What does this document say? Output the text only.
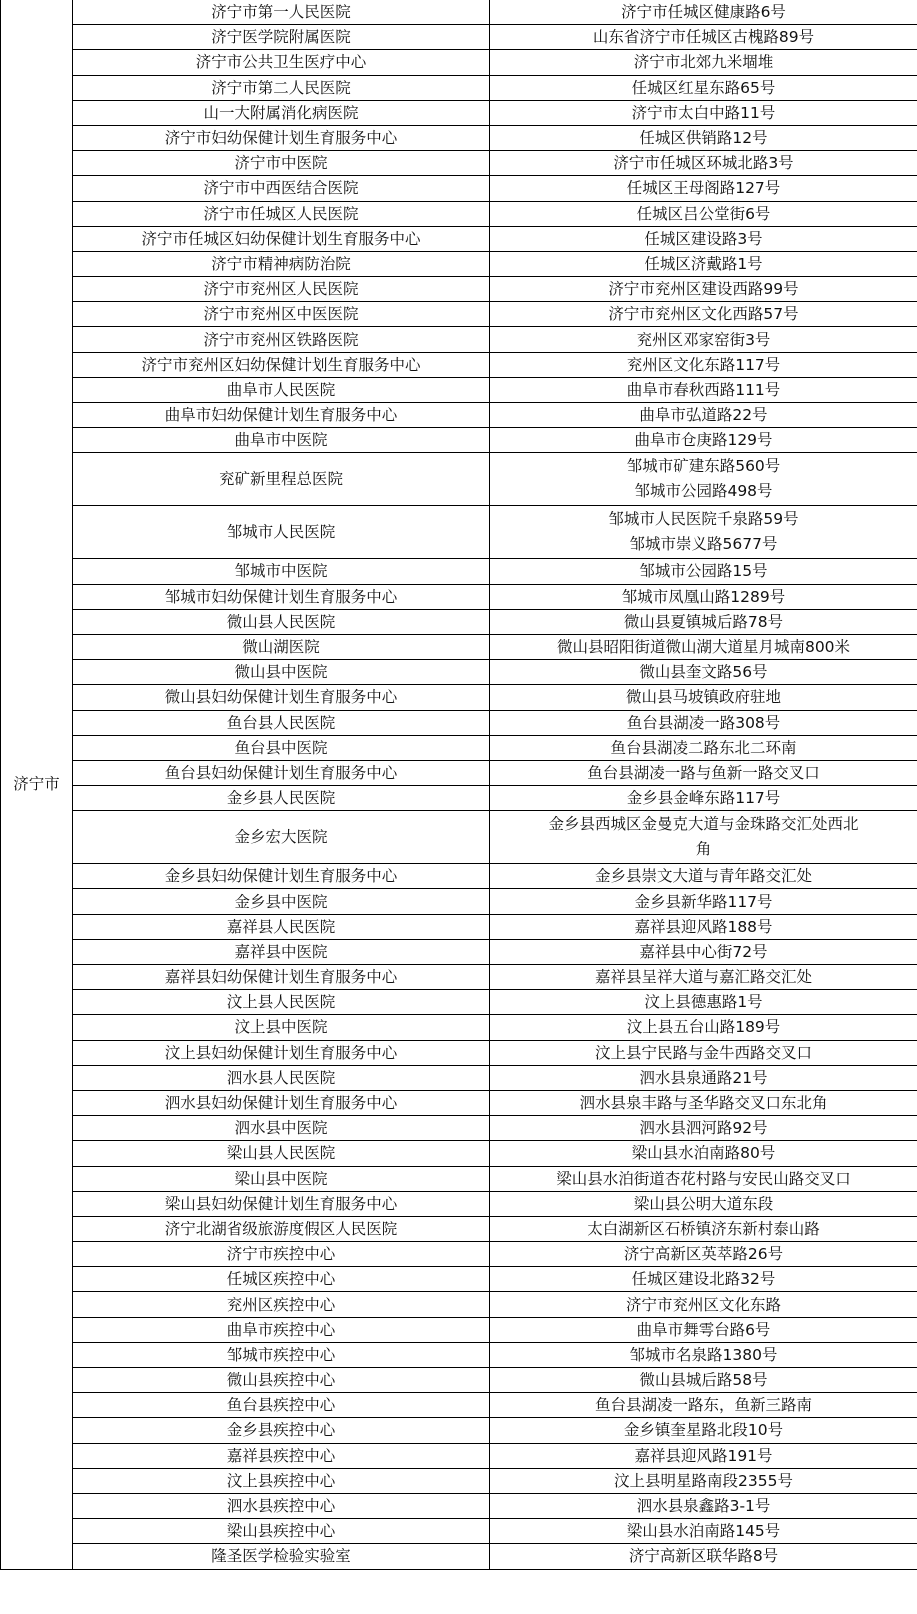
济宁市	济宁市第一人民医院	济宁市任城区健康路6号

	济宁医学院附属医院	山东省济宁市任城区古槐路89号

	济宁市公共卫生医疗中心	济宁市北郊九米堌堆

	济宁市第二人民医院	任城区红星东路65号

	山一大附属消化病医院	济宁市太白中路11号

	济宁市妇幼保健计划生育服务中心	任城区供销路12号

	济宁市中医院	济宁市任城区环城北路3号

	济宁市中西医结合医院	任城区王母阁路127号

	济宁市任城区人民医院	任城区吕公堂街6号

	济宁市任城区妇幼保健计划生育服务中心	任城区建设路3号

	济宁市精神病防治院	任城区济戴路1号

	济宁市兖州区人民医院	济宁市兖州区建设西路99号

	济宁市兖州区中医医院	济宁市兖州区文化西路57号

	济宁市兖州区铁路医院	兖州区邓家窑街3号

	济宁市兖州区妇幼保健计划生育服务中心	兖州区文化东路117号

	曲阜市人民医院	曲阜市春秋西路111号

	曲阜市妇幼保健计划生育服务中心	曲阜市弘道路22号

	曲阜市中医院	曲阜市仓庚路129号

	兖矿新里程总医院	邹城市矿建东路560号
邹城市公园路498号

	邹城市人民医院	邹城市人民医院千泉路59号
邹城市崇义路5677号

	邹城市中医院	邹城市公园路15号

	邹城市妇幼保健计划生育服务中心	邹城市凤凰山路1289号

	微山县人民医院	微山县夏镇城后路78号

	微山湖医院	微山县昭阳街道微山湖大道星月城南800米

	微山县中医院	微山县奎文路56号

	微山县妇幼保健计划生育服务中心	微山县马坡镇政府驻地

	鱼台县人民医院	鱼台县湖凌一路308号

	鱼台县中医院	鱼台县湖凌二路东北二环南

	鱼台县妇幼保健计划生育服务中心	鱼台县湖凌一路与鱼新一路交叉口

	金乡县人民医院	金乡县金峰东路117号

	金乡宏大医院	金乡县西城区金曼克大道与金珠路交汇处西北
角

	金乡县妇幼保健计划生育服务中心	金乡县崇文大道与青年路交汇处

	金乡县中医院	金乡县新华路117号

	嘉祥县人民医院	嘉祥县迎风路188号

	嘉祥县中医院	嘉祥县中心街72号

	嘉祥县妇幼保健计划生育服务中心	嘉祥县呈祥大道与嘉汇路交汇处

	汶上县人民医院	汶上县德惠路1号

	汶上县中医院	汶上县五台山路189号

	汶上县妇幼保健计划生育服务中心	汶上县宁民路与金牛西路交叉口

	泗水县人民医院	泗水县泉通路21号

	泗水县妇幼保健计划生育服务中心	泗水县泉丰路与圣华路交叉口东北角

	泗水县中医院	泗水县泗河路92号

	梁山县人民医院	梁山县水泊南路80号

	梁山县中医院	梁山县水泊街道杏花村路与安民山路交叉口

	梁山县妇幼保健计划生育服务中心	梁山县公明大道东段

	济宁北湖省级旅游度假区人民医院	太白湖新区石桥镇济东新村泰山路

	济宁市疾控中心	济宁高新区英萃路26号

	任城区疾控中心	任城区建设北路32号

	兖州区疾控中心	济宁市兖州区文化东路

	曲阜市疾控中心	曲阜市舞雩台路6号

	邹城市疾控中心	邹城市名泉路1380号

	微山县疾控中心	微山县城后路58号

	鱼台县疾控中心	鱼台县湖凌一路东，鱼新三路南

	金乡县疾控中心	金乡镇奎星路北段10号

	嘉祥县疾控中心	嘉祥县迎风路191号

	汶上县疾控中心	汶上县明星路南段2355号

	泗水县疾控中心	泗水县泉鑫路3-1号

	梁山县疾控中心	梁山县水泊南路145号

	隆圣医学检验实验室	济宁高新区联华路8号
